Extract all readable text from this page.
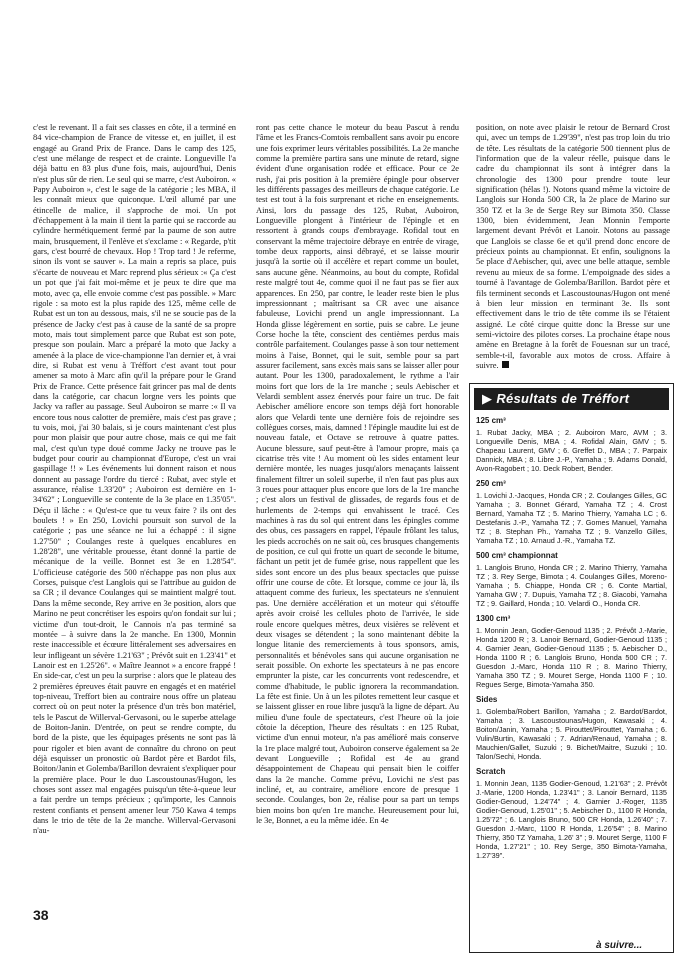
c'est le revenant. Il a fait ses classes en côte, il a terminé en 84 vice-champion de France de vitesse et, en juillet, il est engagé au Grand Prix de France. Dans le camp des 125, c'est une mélange de respect et de crainte. Longueville l'a déjà battu en 83 plus d'une fois, mais, aujourd'hui, Denis n'est plus sûr de rien. Le seul qui se marre, c'est Auboiron. « Papy Auboiron », c'est le sage de la catégorie ; les MBA, il les connaît mieux que quiconque. L'œil allumé par une étincelle de malice, il s'approche de moi. Un pot d'échappement à la main il tient la partie qui se raccorde au cylindre hermétiquement fermé par la paume de son autre main, brusquement, il l'enlève et s'exclame : « Regarde, p'tit gars, c'est bourré de chevaux. Hop ! Trop tard ! Je referme, sinon ils vont se sauver ». La main a repris sa place, puis s'écarte de nouveau et Marc reprend plus sérieux :« Ça c'est un pot que j'ai fait moi-même et je peux te dire que ma moto, avec ça, elle envoie comme c'est pas possible. » Marc rigole : sa moto est la plus rapide des 125, même celle de Rubat est un ton au dessous, mais, s'il ne se soucie pas de la présence de Jacky c'est pas à cause de la santé de sa propre moto, mais tout simplement parce que Rubat est son pote, presque son poulain. Marc a préparé la moto que Jacky a amenée à la place de vice-championne l'an dernier et, à vrai dire, si Rubat est venu à Tréffort c'est avant tout pour amener sa moto à Marc afin qu'il la prépare pour le Grand Prix de France. Cette présence fait grincer pas mal de dents dans la catégorie, car chacun lorgne vers les points que Jacky va rafler au passage. Seul Auboiron se marre :« Il va encore tous nous calotter de première, mais c'est pas grave ; tu vois, moi, j'ai 30 balais, si je cours maintenant c'est plus pour mon plaisir que pour autre chose, mais ce qui me fait mal, c'est qu'un type doué comme Jacky ne trouve pas le budget pour courir au championnat d'Europe, c'est un vrai gaspillage !! » Les événements lui donnent raison et nous donnent au passage l'ordre du tiercé : Rubat, avec style et assurance, réalise 1.33'20" ; Auboiron est dernière en 1-34'62" ; Longueville se contente de la 3e place en 1.35'05". Déçu il lâche : « Qu'est-ce que tu veux faire ? ils ont des boulets ! » En 250, Lovichi poursuit son survol de la catégorie ; pas une séance ne lui a échappé : il signe 1.27'50" ; Coulanges reste à quelques encablures en 1.28'28", une véritable prouesse, étant donné la partie de mécanique de la veille. Bonnet est 3e en 1.28'54". L'officieuse catégorie des 500 n'échappe pas non plus aux Corses, puisque c'est Langlois qui se l'attribue au guidon de sa CR ; il devance Coulanges qui se maintient malgré tout. Dans la même seconde, Rey arrive en 3e position, alors que Marino ne peut concrétiser les espoirs qu'on fondait sur lui ; victime d'un tout-droit, le Cannois n'a pas terminé sa montée – à suivre dans la 2e manche. En 1300, Monnin reste inaccessible et écœure littéralement ses adversaires en leur infligeant un sévère 1.21'63" ; Prévôt suit en 1.23'41" et Lanoir est en 1.25'26". « Maître Jeannot » a encore frappé ! En side-car, c'est un peu la surprise : alors que le plateau des 2 premières épreuves était pauvre en engagés et en matériel top-niveau, Treffort bien au contraire nous offre un plateau correct où on peut noter la présence d'un très bon matériel, tels le Pascut de Willerval-Gervasoni, ou le superbe attelage de Boiton-Janin. D'entrée, on peut se rendre compte, du bord de la piste, que les équipages présents ne sont pas là pour rigoler et bien avant de connaître du chrono on peut déjà esquisser un pronostic où Bardot père et Bardot fils, Boiton/Janin et Golemba/Barillon devraient s'expliquer pour la première place. Pour le duo Lascoustounas/Hugon, les choses sont assez mal engagées puisqu'un tête-à-queue leur a fait perdre un temps précieux ; qu'importe, les Cannois restent confiants et pensent amener leur 750 Kawa 4 temps dans le trio de tête de la 2e manche. Willerval-Gervasoni n'au-

ront pas cette chance le moteur du beau Pascut à rendu l'âme et les Francs-Comtois remballent sans avoir pu encore une fois exprimer leurs véritables possibilités. La 2e manche comme la première partira sans une minute de retard, signe évident d'une organisation rodée et efficace. Pour ce 2e rush, j'ai pris position à la première épingle pour observer les différents passages des meilleurs de chaque catégorie. Le test est tout à la fois surprenant et riche en enseignements. Ainsi, lors du passage des 125, Rubat, Auboiron, Longueville plongent à l'intérieur de l'épingle et en ressortent à grands coups d'embrayage. Rofidal tout en conservant la même trajectoire débraye en entrée de virage, tombe deux rapports, ainsi débrayé, et se laisse mourir jusqu'à la sortie où il accélère et repart comme un boulet, sans aucune gêne. Néanmoins, au bout du compte, Rofidal reste malgré tout 4e, comme quoi il ne faut pas se fier aux apparences. En 250, par contre, le leader reste bien le plus impressionnant ; maîtrisant sa CR avec une aisance fabuleuse, Lovichi prend un angle impressionnant. La Honda glisse légèrement en sortie, puis se cabre. Le jeune Corse hoche la tête, conscient des centièmes perdus mais contrôle parfaitement. Coulanges passe à son tour nettement moins à l'aise, Bonnet, qui le suit, semble pour sa part assurer facilement, sans excès mais sans se laisser aller pour autant. Pour les 1300, paradoxalement, le rythme a l'air moins fort que lors de la 1re manche ; seuls Aebischer et Velardi semblent assez énervés pour faire un truc. De fait Aebischer améliore encore son temps déjà fort honorable alors que Velardi tente une dernière fois de rejoindre ses collègues corses, mais, damned ! l'épingle maudite lui est de nouveau fatale, et Octave se retrouve à quatre pattes. Aucune blessure, sauf peut-être à l'amour propre, mais ça cicatrise très vite ! Au moment où les sides entament leur dernière montée, les nuages jusqu'alors menaçants laissent finalement filtrer un soleil superbe, il n'en faut pas plus aux 3 roues pour attaquer plus encore que lors de la 1re manche ; c'est alors un festival de glissades, de regards fous et de hurlements de 2-temps qui envahissent le tracé. Ces machines à ras du sol qui entrent dans les épingles comme des obus, ces passagers en rappel, l'épaule frôlant les talus, les pieds accrochés on ne sait où, ces brusques changements de position, ce cul qui frotte un quart de seconde le bitume, fâchant un petit jet de fumée grise, nous rappellent que les sides sont encore un des plus beaux spectacles que puisse offrir une course de côte. Et lorsque, comme ce jour là, ils attaquent comme des furieux, les spectateurs ne s'ennuient pas. Une dernière accélération et un moteur qui s'étouffe après avoir croisé les cellules photo de l'arrivée, le side roule encore quelques mètres, deux visières se relèvent et deux visages se détendent ; la sono maintenant débite la longue litanie des remerciements à tous sponsors, amis, personnalités et bénévoles sans qui aucune organisation ne serait possible. On exhorte les spectateurs à ne pas encore emprunter la piste, car les concurrents vont redescendre, et comme d'habitude, le public ignorera la recommandation. La fête est finie. Un à un les pilotes remettent leur casque et se laissent glisser en roue libre jusqu'à la ligne de départ. Au milieu d'une foule de spectateurs, c'est l'heure où la joie côtoie la déception, l'heure des résultats : en 125 Rubat, victime d'un ennui moteur, n'a pas amélioré mais conserve la 1re place malgré tout, Auboiron conserve également sa 2e devant Longueville ; Rofidal est 4e au grand désappointement de Chapeau qui pensait bien le coiffer dans la 2e manche. Comme prévu, Lovichi ne s'est pas incliné, et, au contraire, améliore encore de presque 1 seconde. Coulanges, bon 2e, réalise pour sa part un temps bien moins bon qu'en 1re manche. Heureusement pour lui, le 3e, Bonnet, a eu la même idée. En 4e

position, on note avec plaisir le retour de Bernard Crost qui, avec un temps de 1.29'39", n'est pas trop loin du trio de tête. Les résultats de la catégorie 500 tiennent plus de l'information que de la valeur réelle, puisque dans le cadre du championnat ils sont à intégrer dans la chronologie des 1300 pour prendre toute leur signification (hélas !). Notons quand même la victoire de Langlois sur Honda 500 CR, la 2e place de Marino sur 350 TZ et la 3e de Serge Rey sur Bimota 350. Classe 1300, bien évidemment, Jean Monnin l'emporte largement devant Prévôt et Lanoir. Notons au passage que Langlois se classe 6e et qu'il prend donc encore de précieux points au championnat. Et enfin, soulignons la 5e place d'Aebischer, qui, avec une belle attaque, semble revenu au mieux de sa forme. L'empoignade des sides a tourné à l'avantage de Golemba/Barillon. Bardot père et fils terminent seconds et Lascoustounas/Hugon ont mené à bien leur mission en terminant 3e. Ils sont effectivement dans le trio de tête comme ils se l'étaient assigné. Le côté cirque quitte donc la Bresse sur une semi-victoire des pilotes corses. La prochaine étape nous amène en Bretagne à la forêt de Fouesnan sur un tracé, semble-t-il, favorable aux motos de cross. Affaire à suivre.

▶ Résultats de Tréffort
125 cm³

1. Rubat Jacky, MBA ; 2. Auboiron Marc, AVM ; 3. Longueville Denis, MBA ; 4. Rofidal Alain, GMV ; 5. Chapeau Laurent, GMV ; 6. Greffet D., MBA ; 7. Parpaix Dannick, MBA ; 8. Libre J.-P., Yamaha ; 9. Adams Donald, Avon-Ragobert ; 10. Deck Robert, Bender.

250 cm³

1. Lovichi J.-Jacques, Honda CR ; 2. Coulanges Gilles, GC Yamaha ; 3. Bonnet Gérard, Yamaha TZ ; 4. Crost Bernard, Yamaha TZ ; 5. Marino Thierry, Yamaha LC ; 6. Destefanis J.-P., Yamaha TZ ; 7. Gomes Manuel, Yamaha TZ ; 8. Stephan Ph., Yamaha TZ ; 9. Vanzello Gilles, Yamaha TZ ; 10. Arnaud J.-R., Yamaha TZ.

500 cm³ championnat

1. Langlois Bruno, Honda CR ; 2. Marino Thierry, Yamaha TZ ; 3. Rey Serge, Bimota ; 4. Coulanges Gilles, Moreno-Yamaha ; 5. Chiappe, Honda CR ; 6. Conte Martial, Yamaha GW ; 7. Dupuis, Yamaha TZ ; 8. Giacobi, Yamaha TZ ; 9. Gaillard, Honda ; 10. Velardi O., Honda CR.

1300 cm³

1. Monnin Jean, Godier-Genoud 1135 ; 2. Prévôt J.-Marie, Honda 1200 R ; 3. Lanoir Bernard, Godier-Genoud 1135 ; 4. Garnier Jean, Godier-Genoud 1135 ; 5. Aebischer D., Honda 1100 R ; 6. Langlois Bruno, Honda 500 CR ; 7. Guesdon J.-Marc, Honda 110 R ; 8. Marino Thierry, Yamaha 350 TZ ; 9. Mouret Serge, Honda 1100 F ; 10. Regues Serge, Bimota-Yamaha 350.

Sides

1. Golemba/Robert Barillon, Yamaha ; 2. Bardot/Bardot, Yamaha ; 3. Lascoustounas/Hugon, Kawasaki ; 4. Boiton/Janin, Yamaha ; 5. Pirouttet/Pirouttet, Yamaha ; 6. Vulin/Burtin, Kawasaki ; 7. Adrian/Renaud, Yamaha ; 8. Mauchien/Gallet, Suzuki ; 9. Bichet/Maitre, Suzuki ; 10. Talon/Sechi, Honda.

Scratch

1. Monnin Jean, 1135 Godier-Genoud, 1.21'63" ; 2. Prévôt J.-Marie, 1200 Honda, 1.23'41" ; 3. Lanoir Bernard, 1135 Godier-Genoud, 1.24'74" ; 4. Garnier J.-Roger, 1135 Godier-Genoud, 1.25'01" ; 5. Aebischer D., 1100 R Honda, 1.25'72" ; 6. Langlois Bruno, 500 CR Honda, 1.26'40" ; 7. Guesdon J.-Marc, 1100 R Honda, 1.26'54" ; 8. Marino Thierry, 350 TZ Yamaha, 1.26' 3" ; 9. Mouret Serge, 1100 F Honda, 1.27'21" ; 10. Rey Serge, 350 Bimota-Yamaha, 1.27'39".

38
à suivre...
